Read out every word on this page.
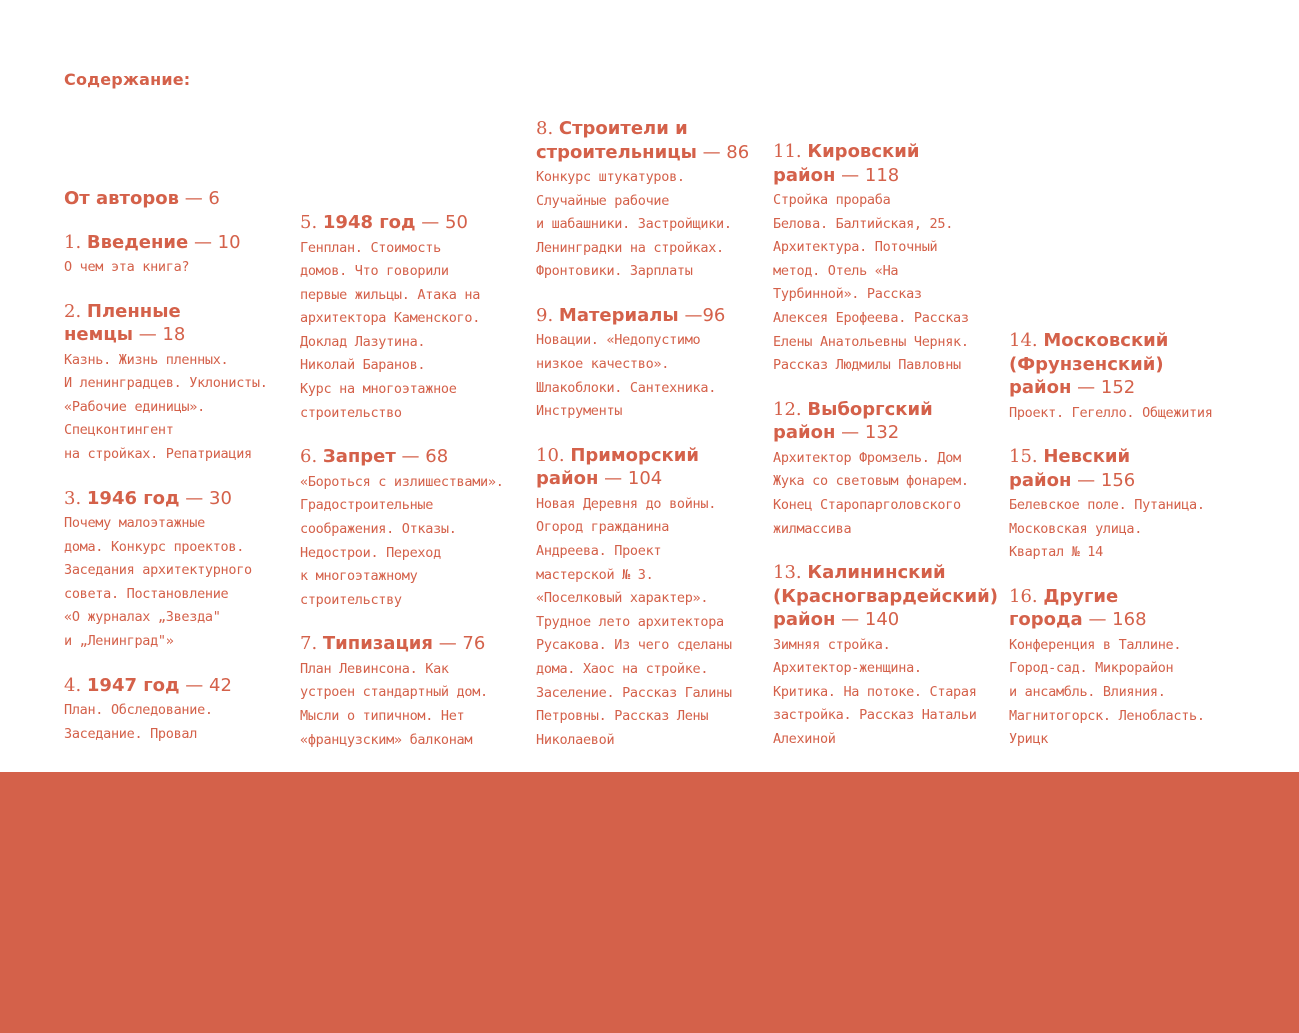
Содержание:
От авторов — 6
1. Введение — 10
О чем эта книга?
2. Пленные
немцы — 18
Казнь. Жизнь пленных.
И ленинградцев. Уклонисты.
«Рабочие единицы».
Спецконтингент
на стройках. Репатриация
3. 1946 год — 30
Почему малоэтажные
дома. Конкурс проектов.
Заседания архитектурного
совета. Постановление
«О журналах „Звезда"
и „Ленинград"»
4. 1947 год — 42
План. Обследование.
Заседание. Провал
5. 1948 год — 50
Генплан. Стоимость
домов. Что говорили
первые жильцы. Атака на
архитектора Каменского.
Доклад Лазутина.
Николай Баранов.
Курс на многоэтажное
строительство
6. Запрет — 68
«Бороться с излишествами».
Градостроительные
соображения. Отказы.
Недострои. Переход
к многоэтажному
строительству
7. Типизация — 76
План Левинсона. Как
устроен стандартный дом.
Мысли о типичном. Нет
«французским» балконам
8. Строители и
строительницы — 86
Конкурс штукатуров.
Случайные рабочие
и шабашники. Застройщики.
Ленинградки на стройках.
Фронтовики. Зарплаты
9. Материалы —96
Новации. «Недопустимо
низкое качество».
Шлакоблоки. Сантехника.
Инструменты
10. Приморский
район — 104
Новая Деревня до войны.
Огород гражданина
Андреева. Проект
мастерской № 3.
«Поселковый характер».
Трудное лето архитектора
Русакова. Из чего сделаны
дома. Хаос на стройке.
Заселение. Рассказ Галины
Петровны. Рассказ Лены
Николаевой
11. Кировский
район — 118
Стройка прораба
Белова. Балтийская, 25.
Архитектура. Поточный
метод. Отель «На
Турбинной». Рассказ
Алексея Ерофеева. Рассказ
Елены Анатольевны Черняк.
Рассказ Людмилы Павловны
12. Выборгский
район — 132
Архитектор Фромзель. Дом
Жука со световым фонарем.
Конец Старопарголовского
жилмассива
13. Калининский
(Красногвардейский)
район — 140
Зимняя стройка.
Архитектор-женщина.
Критика. На потоке. Старая
застройка. Рассказ Натальи
Алехиной
14. Московский
(Фрунзенский)
район — 152
Проект. Гегелло. Общежития
15. Невский
район — 156
Белевское поле. Путаница.
Московская улица.
Квартал № 14
16. Другие
города — 168
Конференция в Таллине.
Город-сад. Микрорайон
и ансамбль. Влияния.
Магнитогорск. Ленобласть.
Урицк
